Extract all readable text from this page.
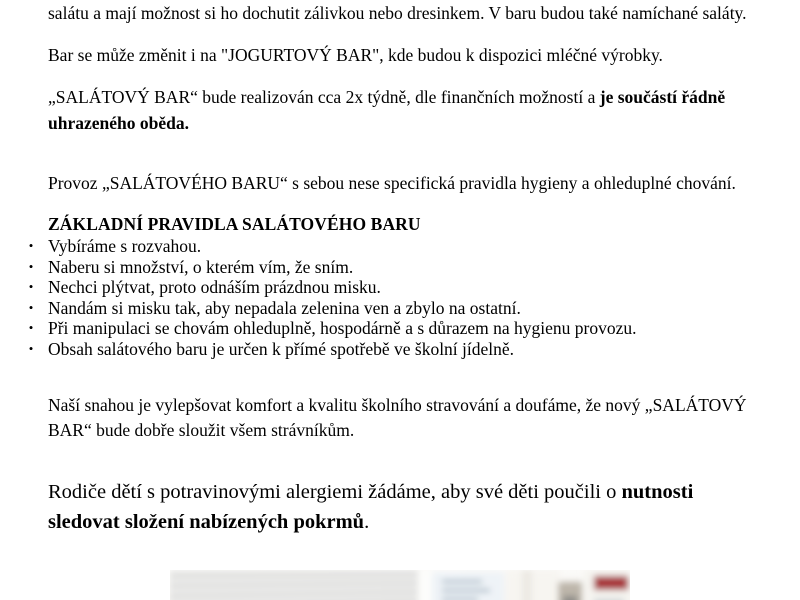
salátu a mají možnost si ho dochutit zálivkou nebo dresinkem. V baru budou také namíchané saláty.

Bar se může změnit i na "JOGURTOVÝ BAR", kde budou k dispozici mléčné výrobky.

„SALÁTOVÝ BAR“ bude realizován cca 2x týdně, dle finančních možností a je součástí řádně uhrazeného oběda.

Provoz „SALÁTOVÉHO BARU“ s sebou nese specifická pravidla hygieny a ohleduplné chování.

ZÁKLADNÍ PRAVIDLA SALÁTOVÉHO BARU
• Vybíráme s rozvahou.
• Naberu si množství, o kterém vím, že sním.
• Nechci plýtvat, proto odnáším prázdnou misku.
• Nandám si misku tak, aby nepadala zelenina ven a zbylo na ostatní.
• Při manipulaci se chovám ohleduplně, hospodárně a s důrazem na hygienu provozu.
• Obsah salátového baru je určen k přímé spotřebě ve školní jídelně.

Naší snahou je vylepšovat komfort a kvalitu školního stravování a doufáme, že nový „SALÁTOVÝ BAR“ bude dobře sloužit všem strávníkům.

Rodiče dětí s potravinovými alergiemi žádáme, aby své děti poučili o nutnosti sledovat složení nabízených pokrmů.
